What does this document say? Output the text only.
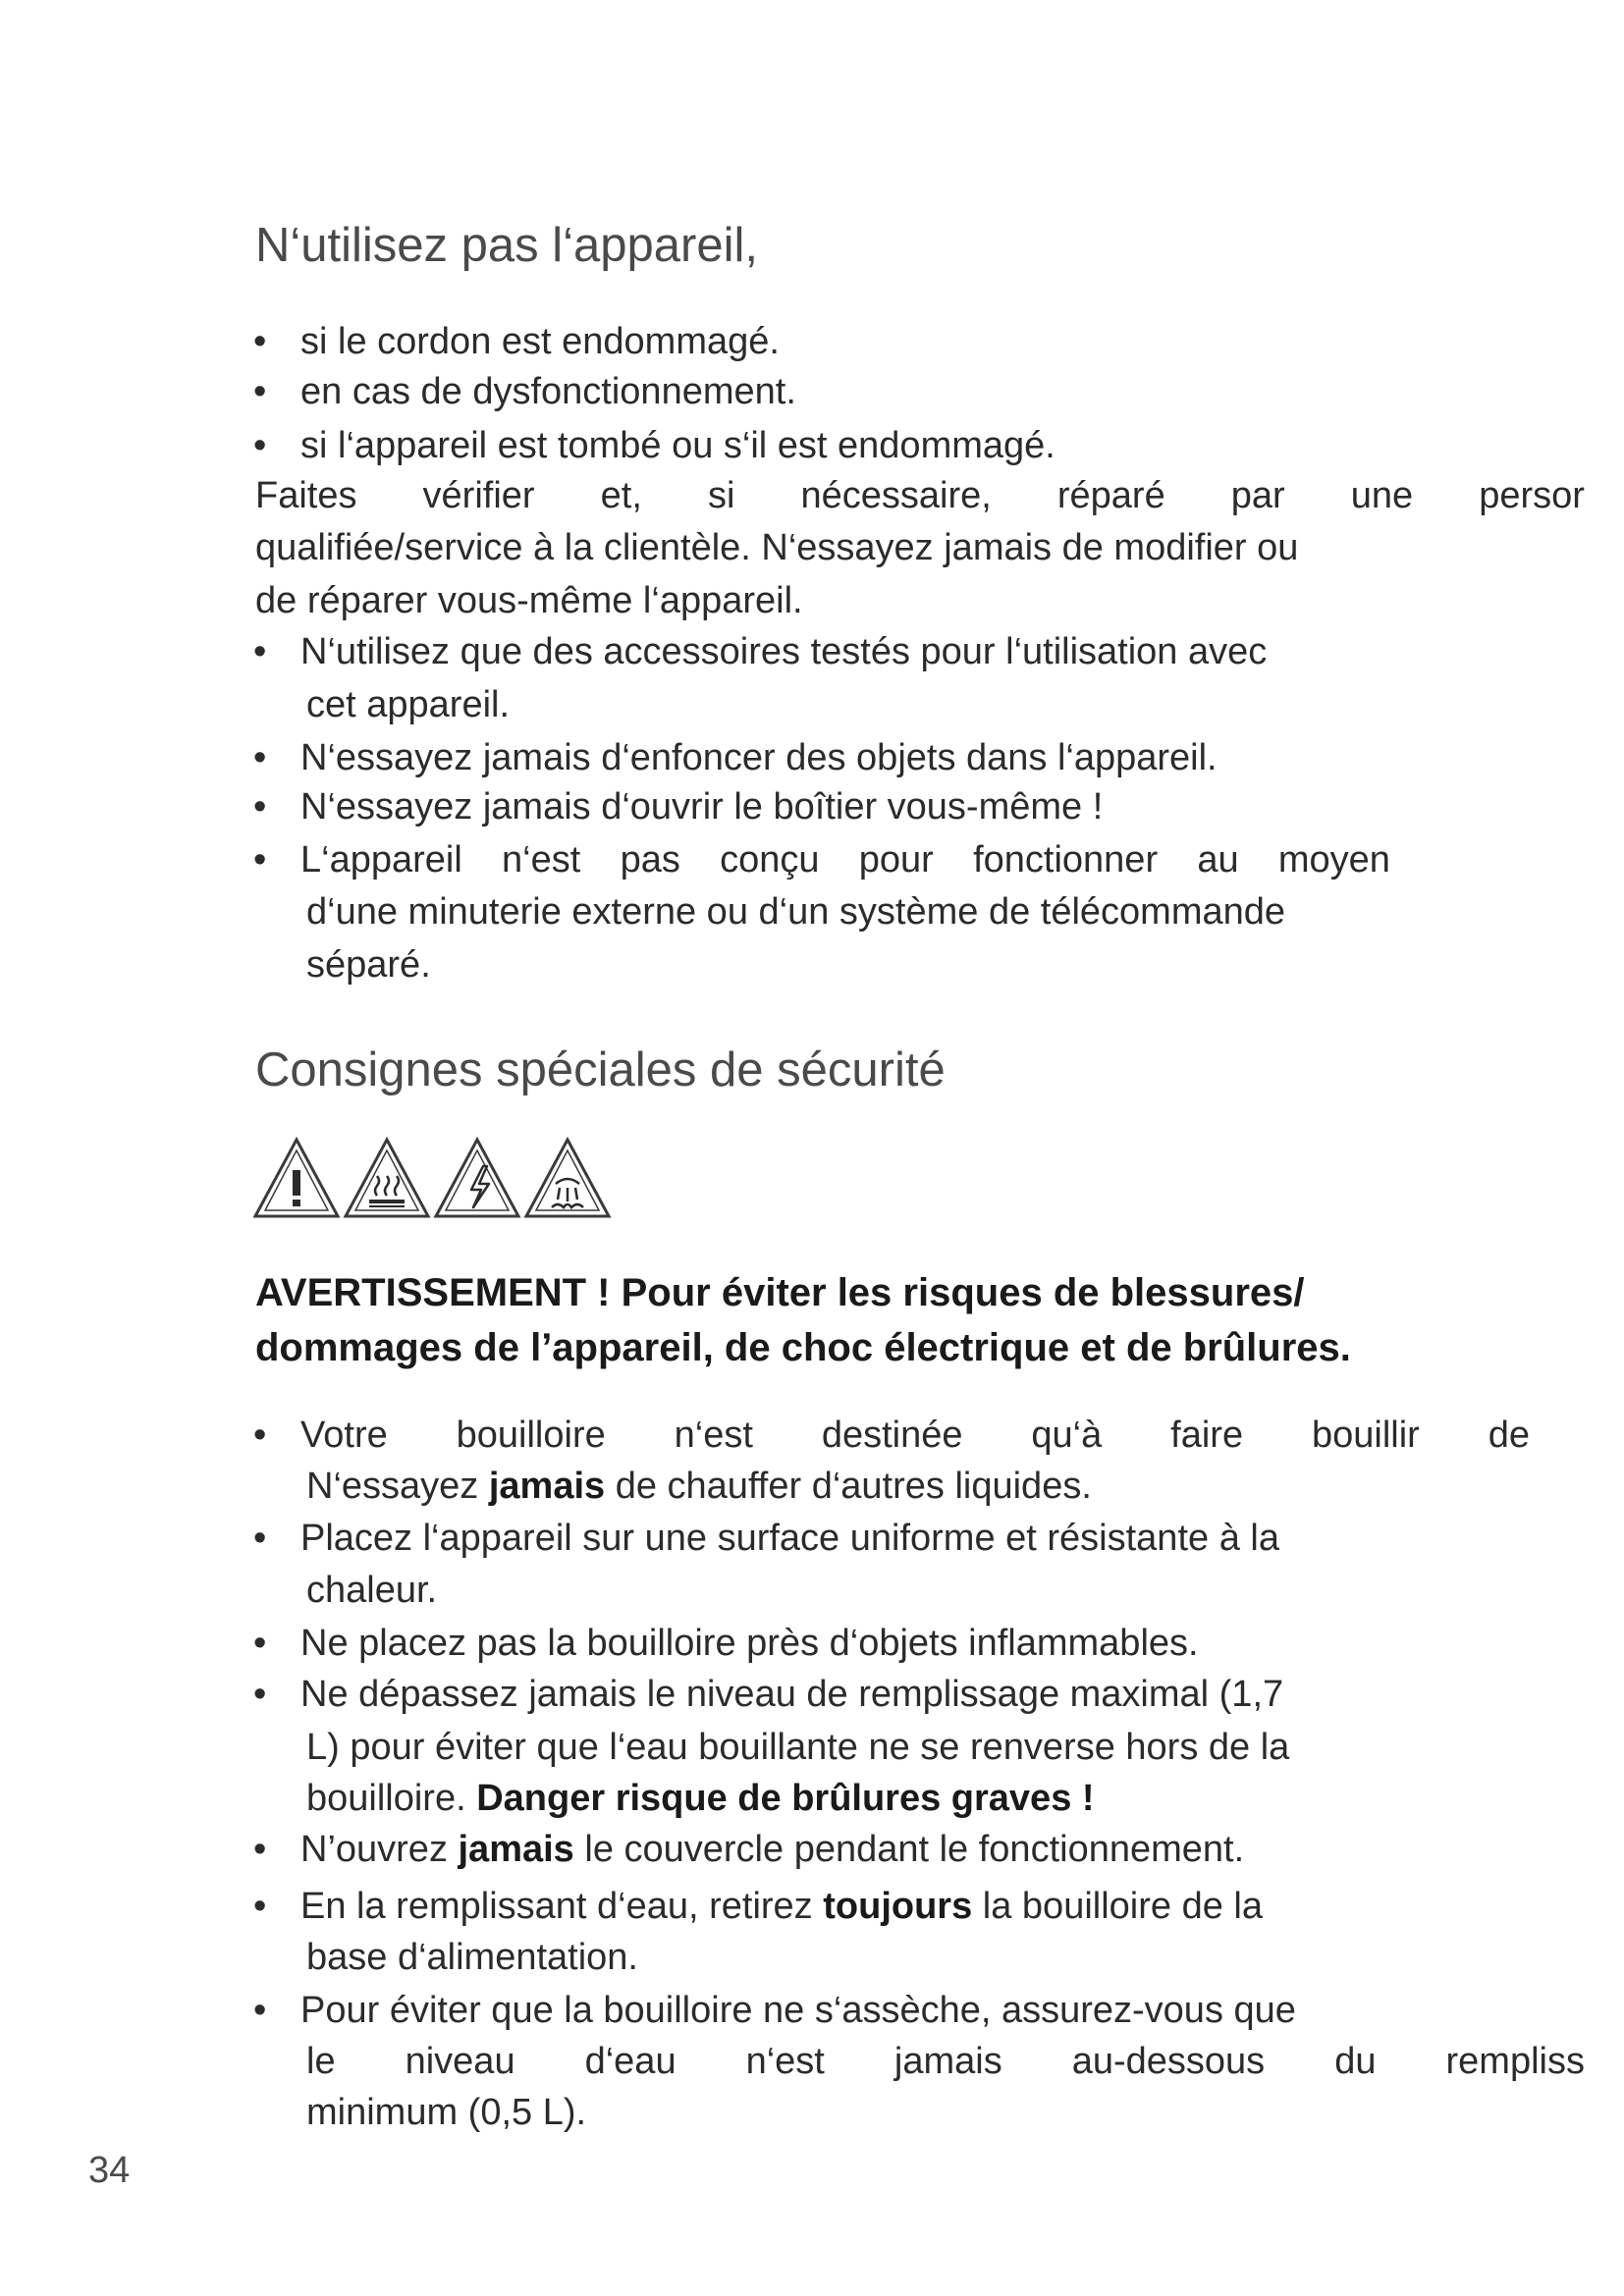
N‘utilisez pas l‘appareil,
• si le cordon est endommagé.
• en cas de dysfonctionnement.
• si l‘appareil est tombé ou s‘il est endommagé.
Faites vérifier et, si nécessaire, réparé par une persor
qualifiée/service à la clientèle. N‘essayez jamais de modifier ou
de réparer vous-même l‘appareil.
• N‘utilisez que des accessoires testés pour l‘utilisation avec
cet appareil.
• N‘essayez jamais d‘enfoncer des objets dans l‘appareil.
• N‘essayez jamais d‘ouvrir le boîtier vous-même !
• L‘appareil n‘est pas conçu pour fonctionner au moyen
d‘une minuterie externe ou d‘un système de télécommande
séparé.
Consignes spéciales de sécurité
AVERTISSEMENT ! Pour éviter les risques de blessures/
dommages de l’appareil, de choc électrique et de brûlures.
• Votre bouilloire n‘est destinée qu‘à faire bouillir de
N‘essayez jamais de chauffer d‘autres liquides.
• Placez l‘appareil sur une surface uniforme et résistante à la
chaleur.
• Ne placez pas la bouilloire près d‘objets inflammables.
• Ne dépassez jamais le niveau de remplissage maximal (1,7
L) pour éviter que l‘eau bouillante ne se renverse hors de la
bouilloire. Danger risque de brûlures graves !
• N’ouvrez jamais le couvercle pendant le fonctionnement.
• En la remplissant d‘eau, retirez toujours la bouilloire de la
base d‘alimentation.
• Pour éviter que la bouilloire ne s‘assèche, assurez-vous que
le niveau d‘eau n‘est jamais au-dessous du rempliss
minimum (0,5 L).
34
